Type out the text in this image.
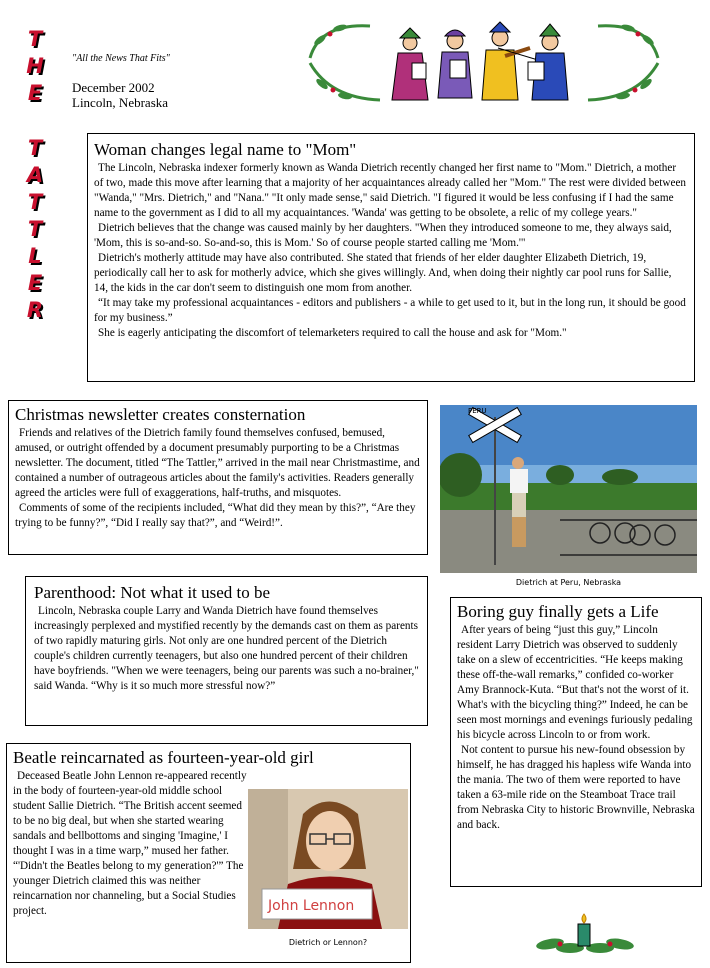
T
H
E
T
A
T
T
L
E
R
"All the News That Fits"
December 2002
Lincoln, Nebraska
Woman changes legal name to "Mom"

The Lincoln, Nebraska indexer formerly known as Wanda Dietrich recently changed her first name to "Mom." Dietrich, a mother of two, made this move after learning that a majority of her acquaintances already called her "Mom." The rest were divided between "Wanda," "Mrs. Dietrich," and "Nana." "It only made sense," said Dietrich. "I figured it would be less confusing if I had the same name to the government as I did to all my acquaintances. 'Wanda' was getting to be obsolete, a relic of my college years."

Dietrich believes that the change was caused mainly by her daughters. "When they introduced someone to me, they always said, 'Mom, this is so-and-so. So-and-so, this is Mom.' So of course people started calling me 'Mom.'"

Dietrich's motherly attitude may have also contributed. She stated that friends of her elder daughter Elizabeth Dietrich, 19, periodically call her to ask for motherly advice, which she gives willingly. And, when doing their nightly car pool runs for Sallie, 14, the kids in the car don't seem to distinguish one mom from another.

“It may take my professional acquaintances - editors and publishers - a while to get used to it, but in the long run, it should be good for my business.”

She is eagerly anticipating the discomfort of telemarketers required to call the house and ask for "Mom."

Christmas newsletter creates consternation

Friends and relatives of the Dietrich family found themselves confused, bemused, amused, or outright offended by a document presumably purporting to be a Christmas newsletter. The document, titled “The Tattler,” arrived in the mail near Christmastime, and contained a number of outrageous articles about the family's activities. Readers generally agreed the articles were full of exaggerations, half-truths, and misquotes.

Comments of some of the recipients included, “What did they mean by this?”, “Are they trying to be funny?”, “Did I really say that?”, and “Weird!”.

PERU
Dietrich at Peru, Nebraska
Parenthood: Not what it used to be

Lincoln, Nebraska couple Larry and Wanda Dietrich have found themselves increasingly perplexed and mystified recently by the demands cast on them as parents of two rapidly maturing girls. Not only are one hundred percent of the Dietrich couple's children currently teenagers, but also one hundred percent of their children have boyfriends. "When we were teenagers, being our parents was such a no-brainer," said Wanda. “Why is it so much more stressful now?”

Boring guy finally gets a Life

After years of being “just this guy,” Lincoln resident Larry Dietrich was observed to suddenly take on a slew of eccentricities. “He keeps making these off-the-wall remarks,” confided co-worker Amy Brannock-Kuta. “But that's not the worst of it. What's with the bicycling thing?” Indeed, he can be seen most mornings and evenings furiously pedaling his bicycle across Lincoln to or from work.

Not content to pursue his new-found obsession by himself, he has dragged his hapless wife Wanda into the mania. The two of them were reported to have taken a 63-mile ride on the Steamboat Trace trail from Nebraska City to historic Brownville, Nebraska and back.

Beatle reincarnated as fourteen-year-old girl

Deceased Beatle John Lennon re-appeared recently in the body of fourteen-year-old middle school student Sallie Dietrich. “The British accent seemed to be no big deal, but when she started wearing sandals and bellbottoms and singing 'Imagine,' I thought I was in a time warp,” mused her father. “'Didn't the Beatles belong to my generation?'” The younger Dietrich claimed this was neither reincarnation nor channeling, but a Social Studies project.	John Lennon
Dietrich or Lennon?
